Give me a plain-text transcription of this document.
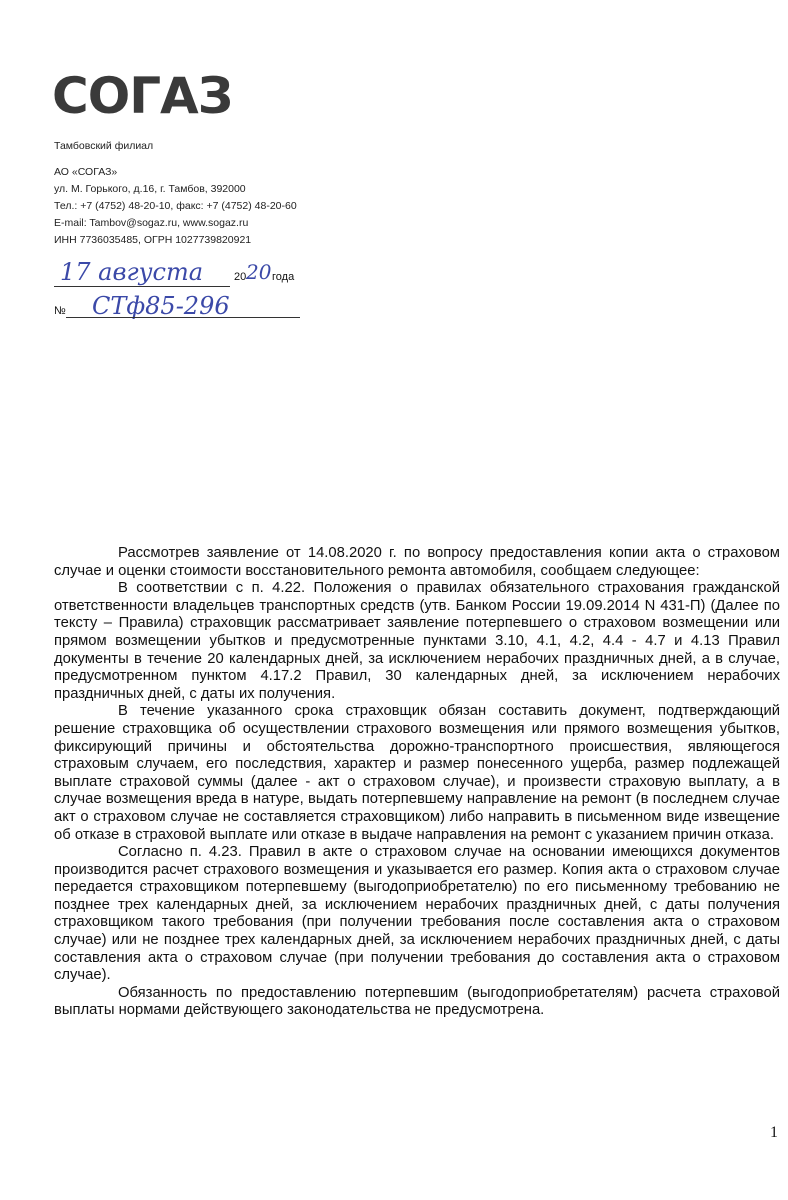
СОГАЗ
Тамбовский филиал
АО «СОГАЗ»
ул. М. Горького, д.16, г. Тамбов, 392000
Тел.: +7 (4752) 48-20-10, факс: +7 (4752) 48-20-60
E-mail: Tambov@sogaz.ru, www.sogaz.ru
ИНН 7736035485, ОГРН 1027739820921
17 августа	20 20 года
№ СТф85-296

Рассмотрев заявление от 14.08.2020 г. по вопросу предоставления копии акта о страховом случае и оценки стоимости восстановительного ремонта автомобиля, сообщаем следующее:

В соответствии с п. 4.22. Положения о правилах обязательного страхования гражданской ответственности владельцев транспортных средств (утв. Банком России 19.09.2014 N 431-П) (Далее по тексту – Правила) страховщик рассматривает заявление потерпевшего о страховом возмещении или прямом возмещении убытков и предусмотренные пунктами 3.10, 4.1, 4.2, 4.4 - 4.7 и 4.13 Правил документы в течение 20 календарных дней, за исключением нерабочих праздничных дней, а в случае, предусмотренном пунктом 4.17.2 Правил, 30 календарных дней, за исключением нерабочих праздничных дней, с даты их получения.

В течение указанного срока страховщик обязан составить документ, подтверждающий решение страховщика об осуществлении страхового возмещения или прямого возмещения убытков, фиксирующий причины и обстоятельства дорожно-транспортного происшествия, являющегося страховым случаем, его последствия, характер и размер понесенного ущерба, размер подлежащей выплате страховой суммы (далее - акт о страховом случае), и произвести страховую выплату, а в случае возмещения вреда в натуре, выдать потерпевшему направление на ремонт (в последнем случае акт о страховом случае не составляется страховщиком) либо направить в письменном виде извещение об отказе в страховой выплате или отказе в выдаче направления на ремонт с указанием причин отказа.

Согласно п. 4.23. Правил в акте о страховом случае на основании имеющихся документов производится расчет страхового возмещения и указывается его размер. Копия акта о страховом случае передается страховщиком потерпевшему (выгодоприобретателю) по его письменному требованию не позднее трех календарных дней, за исключением нерабочих праздничных дней, с даты получения страховщиком такого требования (при получении требования после составления акта о страховом случае) или не позднее трех календарных дней, за исключением нерабочих праздничных дней, с даты составления акта о страховом случае (при получении требования до составления акта о страховом случае).

Обязанность по предоставлению потерпевшим (выгодоприобретателям) расчета страховой выплаты нормами действующего законодательства не предусмотрена.

1
